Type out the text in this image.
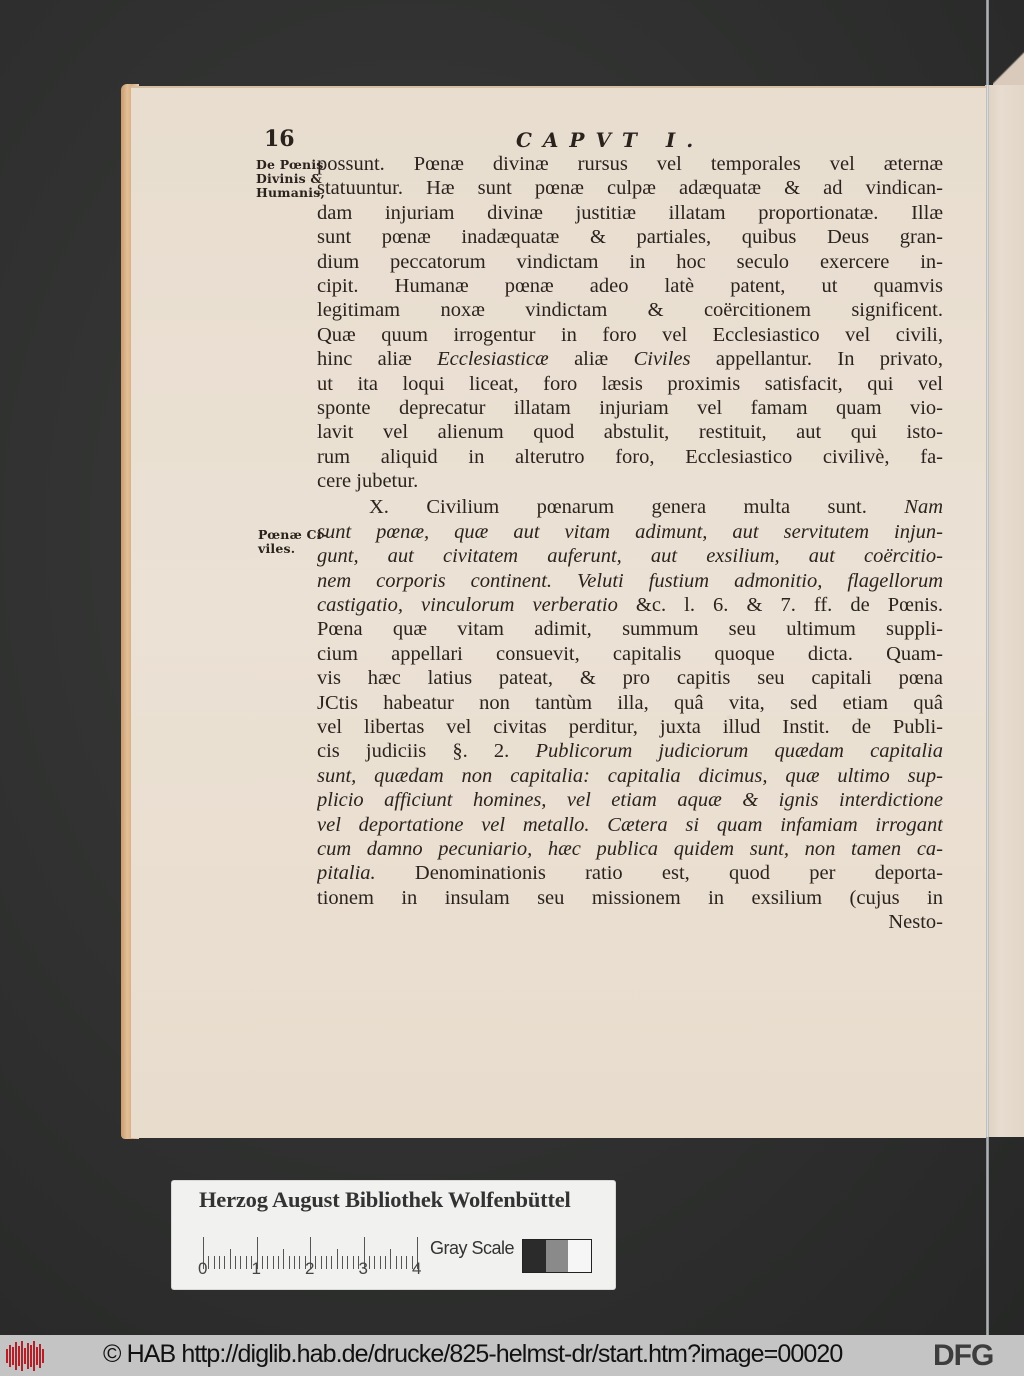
16	CAPVT I.
De Pœnis
Divinis &
Humanis,
Pœnæ Ci-
viles.
possunt. Pœnæ divinæ rursus vel temporales vel æternæ
statuuntur. Hæ sunt pœnæ culpæ adæquatæ & ad vindican-
dam injuriam divinæ justitiæ illatam proportionatæ. Illæ
sunt pœnæ inadæquatæ & partiales, quibus Deus gran-
dium peccatorum vindictam in hoc seculo exercere in-
cipit. Humanæ pœnæ adeo latè patent, ut quamvis
legitimam noxæ vindictam & coërcitionem significent.
Quæ quum irrogentur in foro vel Ecclesiastico vel civili,
hinc aliæ Ecclesiasticæ aliæ Civiles appellantur. In privato,
ut ita loqui liceat, foro læsis proximis satisfacit, qui vel
sponte deprecatur illatam injuriam vel famam quam vio-
lavit vel alienum quod abstulit, restituit, aut qui isto-
rum aliquid in alterutro foro, Ecclesiastico civilivè, fa-
cere jubetur.
X. Civilium pœnarum genera multa sunt. Nam
sunt pœnæ, quæ aut vitam adimunt, aut servitutem injun-
gunt, aut civitatem auferunt, aut exsilium, aut coërcitio-
nem corporis continent. Veluti fustium admonitio, flagellorum
castigatio, vinculorum verberatio &c. l. 6. & 7. ff. de Pœnis.
Pœna quæ vitam adimit, summum seu ultimum suppli-
cium appellari consuevit, capitalis quoque dicta. Quam-
vis hæc latius pateat, & pro capitis seu capitali pœna
JCtis habeatur non tantùm illa, quâ vita, sed etiam quâ
vel libertas vel civitas perditur, juxta illud Instit. de Publi-
cis judiciis §. 2. Publicorum judiciorum quædam capitalia
sunt, quædam non capitalia: capitalia dicimus, quæ ultimo sup-
plicio afficiunt homines, vel etiam aquæ & ignis interdictione
vel deportatione vel metallo. Cætera si quam infamiam irrogant
cum damno pecuniario, hæc publica quidem sunt, non tamen ca-
pitalia. Denominationis ratio est, quod per deporta-
tionem in insulam seu missionem in exsilium (cujus in
Nesto-
Herzog August Bibliothek Wolfenbüttel
Gray Scale
0	1	2	3	4
© HAB http://diglib.hab.de/drucke/825-helmst-dr/start.htm?image=00020	DFG
